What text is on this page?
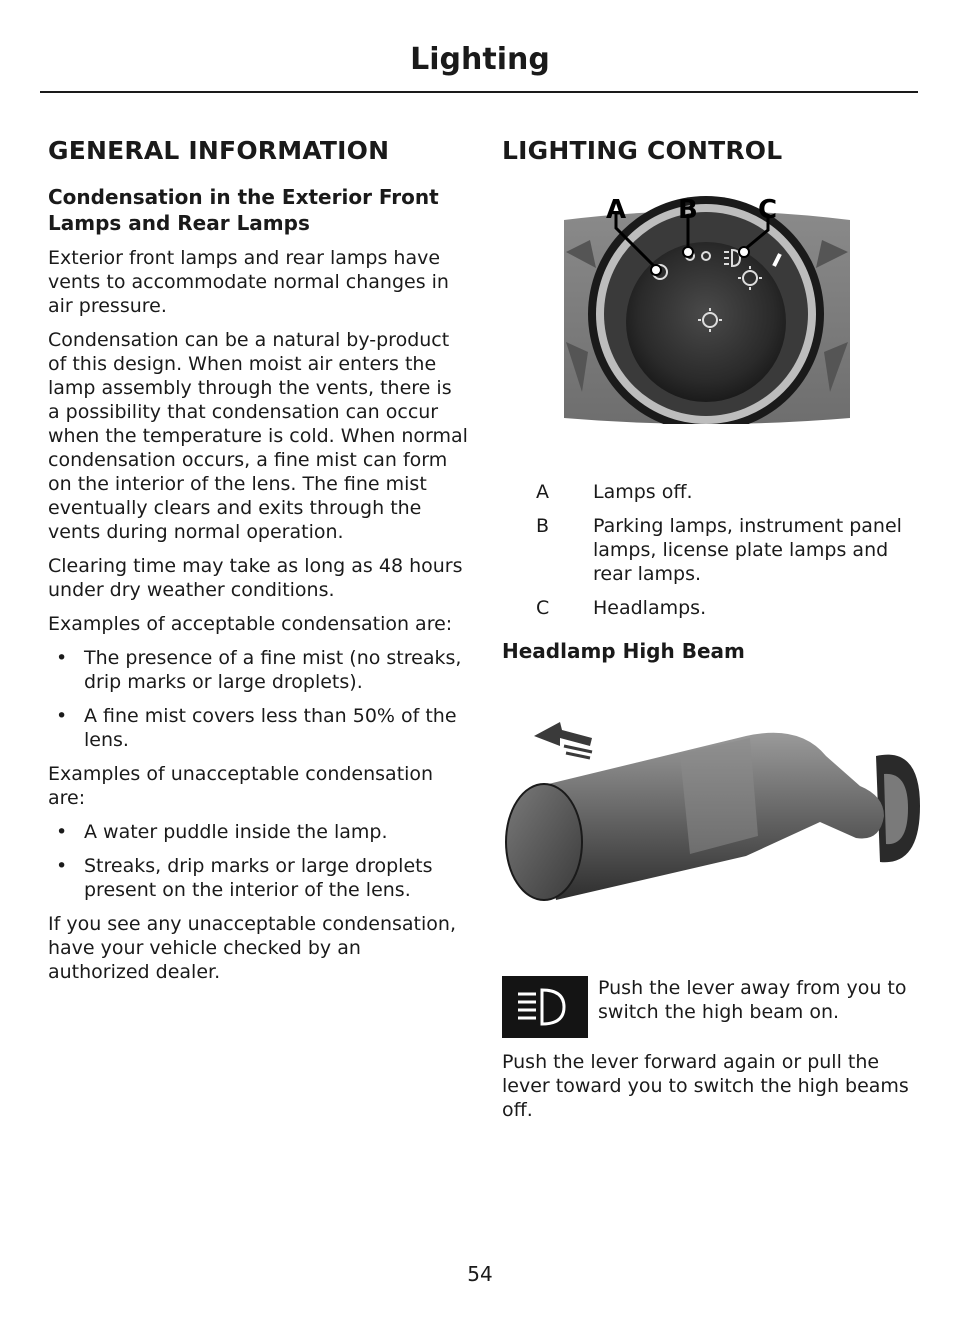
Lighting
GENERAL INFORMATION
Condensation in the Exterior Front Lamps and Rear Lamps

Exterior front lamps and rear lamps have vents to accommodate normal changes in air pressure.

Condensation can be a natural by-product of this design. When moist air enters the lamp assembly through the vents, there is a possibility that condensation can occur when the temperature is cold. When normal condensation occurs, a fine mist can form on the interior of the lens. The fine mist eventually clears and exits through the vents during normal operation.

Clearing time may take as long as 48 hours under dry weather conditions.

Examples of acceptable condensation are:

• The presence of a fine mist (no streaks, drip marks or large droplets).
• A fine mist covers less than 50% of the lens.

Examples of unacceptable condensation are:

• A water puddle inside the lamp.
• Streaks, drip marks or large droplets present on the interior of the lens.

If you see any unacceptable condensation, have your vehicle checked by an authorized dealer.

LIGHTING CONTROL
A B C
A Lamps off.
B Parking lamps, instrument panel lamps, license plate lamps and rear lamps.
C Headlamps.
Headlamp High Beam

Push the lever away from you to switch the high beam on.

Push the lever forward again or pull the lever toward you to switch the high beams off.

54
